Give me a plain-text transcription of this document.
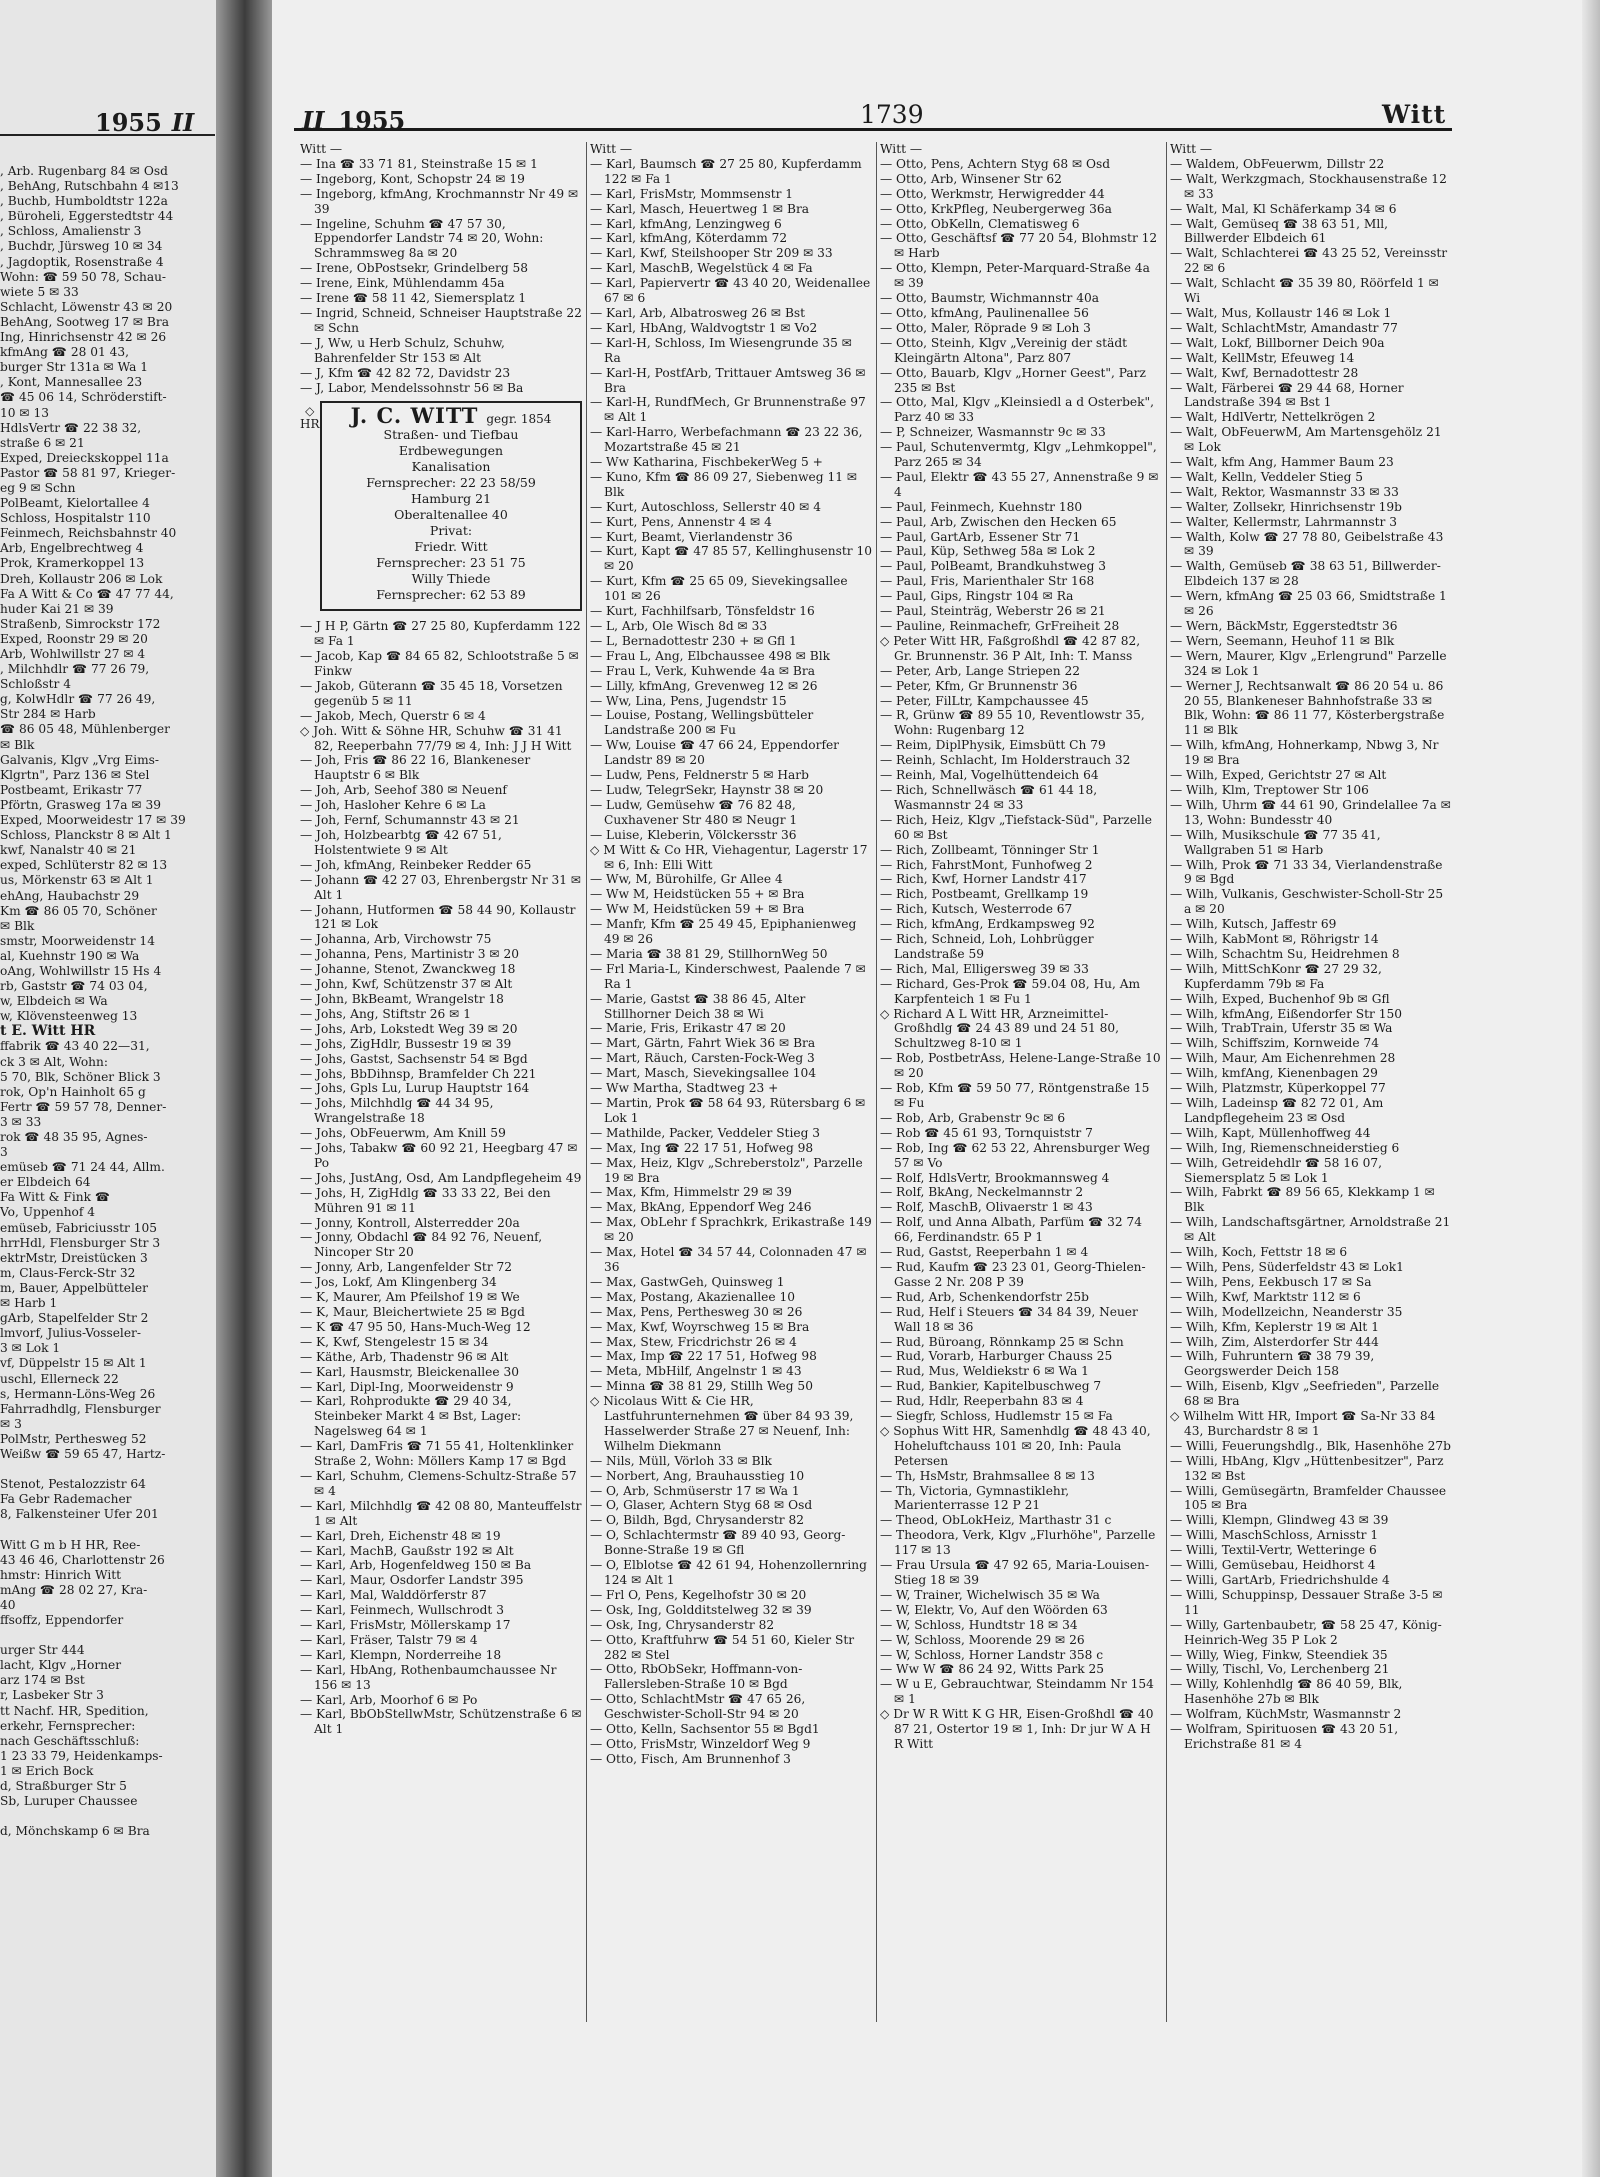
1955 II
, Arb. Rugenbarg 84 ✉ Osd
, BehAng, Rutschbahn 4 ✉13
, Buchb, Humboldtstr 122a
, Büroheli, Eggerstedtstr 44
, Schloss, Amalienstr 3
, Buchdr, Jürsweg 10 ✉ 34
, Jagdoptik, Rosenstraße 4
Wohn: ☎ 59 50 78, Schau-
wiete 5 ✉ 33
Schlacht, Löwenstr 43 ✉ 20
BehAng, Sootweg 17 ✉ Bra
Ing, Hinrichsenstr 42 ✉ 26
kfmAng ☎ 28 01 43,
burger Str 131a ✉ Wa 1
, Kont, Mannesallee 23
☎ 45 06 14, Schröderstift-
10 ✉ 13
HdlsVertr ☎ 22 38 32,
straße 6 ✉ 21
Exped, Dreieckskoppel 11a
Pastor ☎ 58 81 97, Krieger-
eg 9 ✉ Schn
PolBeamt, Kielortallee 4
Schloss, Hospitalstr 110
Feinmech, Reichsbahnstr 40
Arb, Engelbrechtweg 4
Prok, Kramerkoppel 13
Dreh, Kollaustr 206 ✉ Lok
Fa A Witt & Co ☎ 47 77 44,
huder Kai 21 ✉ 39
Straßenb, Simrockstr 172
Exped, Roonstr 29 ✉ 20
Arb, Wohlwillstr 27 ✉ 4
, Milchhdlr ☎ 77 26 79,
Schloßstr 4
g, KolwHdlr ☎ 77 26 49,
Str 284 ✉ Harb
☎ 86 05 48, Mühlenberger
✉ Blk
Galvanis, Klgv „Vrg Eims-
Klgrtn", Parz 136 ✉ Stel
Postbeamt, Erikastr 77
Pförtn, Grasweg 17a ✉ 39
Exped, Moorweidestr 17 ✉ 39
Schloss, Planckstr 8 ✉ Alt 1
kwf, Nanalstr 40 ✉ 21
exped, Schlüterstr 82 ✉ 13
us, Mörkenstr 63 ✉ Alt 1
ehAng, Haubachstr 29
Km ☎ 86 05 70, Schöner
✉ Blk
smstr, Moorweidenstr 14
al, Kuehnstr 190 ✉ Wa
oAng, Wohlwillstr 15 Hs 4
rb, Gaststr ☎ 74 03 04,
w, Elbdeich ✉ Wa
w, Klövensteenweg 13
t E. Witt HR
ffabrik ☎ 43 40 22—31,
ck 3 ✉ Alt, Wohn:
5 70, Blk, Schöner Blick 3
rok, Op'n Hainholt 65 g
Fertr ☎ 59 57 78, Denner-
3 ✉ 33
rok ☎ 48 35 95, Agnes-
3
emüseb ☎ 71 24 44, Allm.
er Elbdeich 64
Fa Witt & Fink ☎
Vo, Uppenhof 4
emüseb, Fabriciusstr 105
hrrHdl, Flensburger Str 3
ektrMstr, Dreistücken 3
m, Claus-Ferck-Str 32
m, Bauer, Appelbütteler
✉ Harb 1
gArb, Stapelfelder Str 2
lmvorf, Julius-Vosseler-
3 ✉ Lok 1
vf, Düppelstr 15 ✉ Alt 1
uschl, Ellerneck 22
s, Hermann-Löns-Weg 26
Fahrradhdlg, Flensburger
✉ 3
PolMstr, Perthesweg 52
Weißw ☎ 59 65 47, Hartz-

Stenot, Pestalozzistr 64
Fa Gebr Rademacher
8, Falkensteiner Ufer 201

Witt G m b H HR, Ree-
43 46 46, Charlottenstr 26
hmstr: Hinrich Witt
mAng ☎ 28 02 27, Kra-
40
ffsoffz, Eppendorfer

urger Str 444
lacht, Klgv „Horner
arz 174 ✉ Bst
r, Lasbeker Str 3
tt Nachf. HR, Spedition,
erkehr, Fernsprecher:
nach Geschäftsschluß:
1 23 33 79, Heidenkamps-
1 ✉ Erich Bock
d, Straßburger Str 5
Sb, Luruper Chaussee

d, Mönchskamp 6 ✉ Bra
II 1955	1739	Witt
Witt —
— Ina ☎ 33 71 81, Steinstraße 15 ✉ 1
— Ingeborg, Kont, Schopstr 24 ✉ 19
— Ingeborg, kfmAng, Krochmannstr Nr 49 ✉ 39
— Ingeline, Schuhm ☎ 47 57 30, Eppendorfer Landstr 74 ✉ 20, Wohn: Schrammsweg 8a ✉ 20
— Irene, ObPostsekr, Grindelberg 58
— Irene, Eink, Mühlendamm 45a
— Irene ☎ 58 11 42, Siemersplatz 1
— Ingrid, Schneid, Schneiser Hauptstraße 22 ✉ Schn
— J, Ww, u Herb Schulz, Schuhw, Bahrenfelder Str 153 ✉ Alt
— J, Kfm ☎ 42 82 72, Davidstr 23
— J, Labor, Mendelssohnstr 56 ✉ Ba
◇
HR	J. C. WITT gegr. 1854
Straßen- und Tiefbau
Erdbewegungen
Kanalisation
Fernsprecher: 22 23 58/59
Hamburg 21
Oberaltenallee 40
Privat:
Friedr. Witt
Fernsprecher: 23 51 75
Willy Thiede
Fernsprecher: 62 53 89
— J H P, Gärtn ☎ 27 25 80, Kupferdamm 122 ✉ Fa 1
— Jacob, Kap ☎ 84 65 82, Schlootstraße 5 ✉ Finkw
— Jakob, Güterann ☎ 35 45 18, Vorsetzen gegenüb 5 ✉ 11
— Jakob, Mech, Querstr 6 ✉ 4
◇ Joh. Witt & Söhne HR, Schuhw ☎ 31 41 82, Reeperbahn 77/79 ✉ 4, Inh: J J H Witt
— Joh, Fris ☎ 86 22 16, Blankeneser Hauptstr 6 ✉ Blk
— Joh, Arb, Seehof 380 ✉ Neuenf
— Joh, Hasloher Kehre 6 ✉ La
— Joh, Fernf, Schumannstr 43 ✉ 21
— Joh, Holzbearbtg ☎ 42 67 51, Holstentwiete 9 ✉ Alt
— Joh, kfmAng, Reinbeker Redder 65
— Johann ☎ 42 27 03, Ehrenbergstr Nr 31 ✉ Alt 1
— Johann, Hutformen ☎ 58 44 90, Kollaustr 121 ✉ Lok
— Johanna, Arb, Virchowstr 75
— Johanna, Pens, Martinistr 3 ✉ 20
— Johanne, Stenot, Zwanckweg 18
— John, Kwf, Schützenstr 37 ✉ Alt
— John, BkBeamt, Wrangelstr 18
— Johs, Ang, Stiftstr 26 ✉ 1
— Johs, Arb, Lokstedt Weg 39 ✉ 20
— Johs, ZigHdlr, Bussestr 19 ✉ 39
— Johs, Gastst, Sachsenstr 54 ✉ Bgd
— Johs, BbDihnsp, Bramfelder Ch 221
— Johs, Gpls Lu, Lurup Hauptstr 164
— Johs, Milchhdlg ☎ 44 34 95, Wrangelstraße 18
— Johs, ObFeuerwm, Am Knill 59
— Johs, Tabakw ☎ 60 92 21, Heegbarg 47 ✉ Po
— Johs, JustAng, Osd, Am Landpflegeheim 49
— Johs, H, ZigHdlg ☎ 33 33 22, Bei den Mühren 91 ✉ 11
— Jonny, Kontroll, Alsterredder 20a
— Jonny, Obdachl ☎ 84 92 76, Neuenf, Nincoper Str 20
— Jonny, Arb, Langenfelder Str 72
— Jos, Lokf, Am Klingenberg 34
— K, Maurer, Am Pfeilshof 19 ✉ We
— K, Maur, Bleichertwiete 25 ✉ Bgd
— K ☎ 47 95 50, Hans-Much-Weg 12
— K, Kwf, Stengelestr 15 ✉ 34
— Käthe, Arb, Thadenstr 96 ✉ Alt
— Karl, Hausmstr, Bleickenallee 30
— Karl, Dipl-Ing, Moorweidenstr 9
— Karl, Rohprodukte ☎ 29 40 34, Steinbeker Markt 4 ✉ Bst, Lager: Nagelsweg 64 ✉ 1
— Karl, DamFris ☎ 71 55 41, Holtenklinker Straße 2, Wohn: Möllers Kamp 17 ✉ Bgd
— Karl, Schuhm, Clemens-Schultz-Straße 57 ✉ 4
— Karl, Milchhdlg ☎ 42 08 80, Manteuffelstr 1 ✉ Alt
— Karl, Dreh, Eichenstr 48 ✉ 19
— Karl, MachB, Gaußstr 192 ✉ Alt
— Karl, Arb, Hogenfeldweg 150 ✉ Ba
— Karl, Maur, Osdorfer Landstr 395
— Karl, Mal, Walddörferstr 87
— Karl, Feinmech, Wullschrodt 3
— Karl, FrisMstr, Möllerskamp 17
— Karl, Fräser, Talstr 79 ✉ 4
— Karl, Klempn, Norderreihe 18
— Karl, HbAng, Rothenbaumchaussee Nr 156 ✉ 13
— Karl, Arb, Moorhof 6 ✉ Po
— Karl, BbObStellwMstr, Schützenstraße 6 ✉ Alt 1
Witt —
— Karl, Baumsch ☎ 27 25 80, Kupferdamm 122 ✉ Fa 1
— Karl, FrisMstr, Mommsenstr 1
— Karl, Masch, Heuertweg 1 ✉ Bra
— Karl, kfmAng, Lenzingweg 6
— Karl, kfmAng, Köterdamm 72
— Karl, Kwf, Steilshooper Str 209 ✉ 33
— Karl, MaschB, Wegelstück 4 ✉ Fa
— Karl, Papiervertr ☎ 43 40 20, Weidenallee 67 ✉ 6
— Karl, Arb, Albatrosweg 26 ✉ Bst
— Karl, HbAng, Waldvogtstr 1 ✉ Vo2
— Karl-H, Schloss, Im Wiesengrunde 35 ✉ Ra
— Karl-H, PostfArb, Trittauer Amtsweg 36 ✉ Bra
— Karl-H, RundfMech, Gr Brunnenstraße 97 ✉ Alt 1
— Karl-Harro, Werbefachmann ☎ 23 22 36, Mozartstraße 45 ✉ 21
— Ww Katharina, FischbekerWeg 5 +
— Kuno, Kfm ☎ 86 09 27, Siebenweg 11 ✉ Blk
— Kurt, Autoschloss, Sellerstr 40 ✉ 4
— Kurt, Pens, Annenstr 4 ✉ 4
— Kurt, Beamt, Vierlandenstr 36
— Kurt, Kapt ☎ 47 85 57, Kellinghusenstr 10 ✉ 20
— Kurt, Kfm ☎ 25 65 09, Sievekingsallee 101 ✉ 26
— Kurt, Fachhilfsarb, Tönsfeldstr 16
— L, Arb, Ole Wisch 8d ✉ 33
— L, Bernadottestr 230 + ✉ Gfl 1
— Frau L, Ang, Elbchaussee 498 ✉ Blk
— Frau L, Verk, Kuhwende 4a ✉ Bra
— Lilly, kfmAng, Grevenweg 12 ✉ 26
— Ww, Lina, Pens, Jugendstr 15
— Louise, Postang, Wellingsbütteler Landstraße 200 ✉ Fu
— Ww, Louise ☎ 47 66 24, Eppendorfer Landstr 89 ✉ 20
— Ludw, Pens, Feldnerstr 5 ✉ Harb
— Ludw, TelegrSekr, Haynstr 38 ✉ 20
— Ludw, Gemüsehw ☎ 76 82 48, Cuxhavener Str 480 ✉ Neugr 1
— Luise, Kleberin, Völckersstr 36
◇ M Witt & Co HR, Viehagentur, Lagerstr 17 ✉ 6, Inh: Elli Witt
— Ww, M, Bürohilfe, Gr Allee 4
— Ww M, Heidstücken 55 + ✉ Bra
— Ww M, Heidstücken 59 + ✉ Bra
— Manfr, Kfm ☎ 25 49 45, Epiphanienweg 49 ✉ 26
— Maria ☎ 38 81 29, StillhornWeg 50
— Frl Maria-L, Kinderschwest, Paalende 7 ✉ Ra 1
— Marie, Gastst ☎ 38 86 45, Alter Stillhorner Deich 38 ✉ Wi
— Marie, Fris, Erikastr 47 ✉ 20
— Mart, Gärtn, Fahrt Wiek 36 ✉ Bra
— Mart, Räuch, Carsten-Fock-Weg 3
— Mart, Masch, Sievekingsallee 104
— Ww Martha, Stadtweg 23 +
— Martin, Prok ☎ 58 64 93, Rütersbarg 6 ✉ Lok 1
— Mathilde, Packer, Veddeler Stieg 3
— Max, Ing ☎ 22 17 51, Hofweg 98
— Max, Heiz, Klgv „Schreberstolz", Parzelle 19 ✉ Bra
— Max, Kfm, Himmelstr 29 ✉ 39
— Max, BkAng, Eppendorf Weg 246
— Max, ObLehr f Sprachkrk, Erikastraße 149 ✉ 20
— Max, Hotel ☎ 34 57 44, Colonnaden 47 ✉ 36
— Max, GastwGeh, Quinsweg 1
— Max, Postang, Akazienallee 10
— Max, Pens, Perthesweg 30 ✉ 26
— Max, Kwf, Woyrschweg 15 ✉ Bra
— Max, Stew, Fricdrichstr 26 ✉ 4
— Max, Imp ☎ 22 17 51, Hofweg 98
— Meta, MbHilf, Angelnstr 1 ✉ 43
— Minna ☎ 38 81 29, Stillh Weg 50
◇ Nicolaus Witt & Cie HR, Lastfuhrunternehmen ☎ über 84 93 39, Hasselwerder Straße 27 ✉ Neuenf, Inh: Wilhelm Diekmann
— Nils, Müll, Vörloh 33 ✉ Blk
— Norbert, Ang, Brauhausstieg 10
— O, Arb, Schmüserstr 17 ✉ Wa 1
— O, Glaser, Achtern Styg 68 ✉ Osd
— O, Bildh, Bgd, Chrysanderstr 82
— O, Schlachtermstr ☎ 89 40 93, Georg-Bonne-Straße 19 ✉ Gfl
— O, Elblotse ☎ 42 61 94, Hohenzollernring 124 ✉ Alt 1
— Frl O, Pens, Kegelhofstr 30 ✉ 20
— Osk, Ing, Goldditstelweg 32 ✉ 39
— Osk, Ing, Chrysanderstr 82
— Otto, Kraftfuhrw ☎ 54 51 60, Kieler Str 282 ✉ Stel
— Otto, RbObSekr, Hoffmann-von-Fallersleben-Straße 10 ✉ Bgd
— Otto, SchlachtMstr ☎ 47 65 26, Geschwister-Scholl-Str 94 ✉ 20
— Otto, Kelln, Sachsentor 55 ✉ Bgd1
— Otto, FrisMstr, Winzeldorf Weg 9
— Otto, Fisch, Am Brunnenhof 3
Witt —
— Otto, Pens, Achtern Styg 68 ✉ Osd
— Otto, Arb, Winsener Str 62
— Otto, Werkmstr, Herwigredder 44
— Otto, KrkPfleg, Neubergerweg 36a
— Otto, ObKelln, Clematisweg 6
— Otto, Geschäftsf ☎ 77 20 54, Blohmstr 12 ✉ Harb
— Otto, Klempn, Peter-Marquard-Straße 4a ✉ 39
— Otto, Baumstr, Wichmannstr 40a
— Otto, kfmAng, Paulinenallee 56
— Otto, Maler, Röprade 9 ✉ Loh 3
— Otto, Steinh, Klgv „Vereinig der städt Kleingärtn Altona", Parz 807
— Otto, Bauarb, Klgv „Horner Geest", Parz 235 ✉ Bst
— Otto, Mal, Klgv „Kleinsiedl a d Osterbek", Parz 40 ✉ 33
— P, Schneizer, Wasmannstr 9c ✉ 33
— Paul, Schutenvermtg, Klgv „Lehmkoppel", Parz 265 ✉ 34
— Paul, Elektr ☎ 43 55 27, Annenstraße 9 ✉ 4
— Paul, Feinmech, Kuehnstr 180
— Paul, Arb, Zwischen den Hecken 65
— Paul, GartArb, Essener Str 71
— Paul, Küp, Sethweg 58a ✉ Lok 2
— Paul, PolBeamt, Brandkuhstweg 3
— Paul, Fris, Marienthaler Str 168
— Paul, Gips, Ringstr 104 ✉ Ra
— Paul, Steinträg, Weberstr 26 ✉ 21
— Pauline, Reinmachefr, GrFreiheit 28
◇ Peter Witt HR, Faßgroßhdl ☎ 42 87 82, Gr. Brunnenstr. 36 P Alt, Inh: T. Manss
— Peter, Arb, Lange Striepen 22
— Peter, Kfm, Gr Brunnenstr 36
— Peter, FilLtr, Kampchaussee 45
— R, Grünw ☎ 89 55 10, Reventlowstr 35, Wohn: Rugenbarg 12
— Reim, DiplPhysik, Eimsbütt Ch 79
— Reinh, Schlacht, Im Holderstrauch 32
— Reinh, Mal, Vogelhüttendeich 64
— Rich, Schnellwäsch ☎ 61 44 18, Wasmannstr 24 ✉ 33
— Rich, Heiz, Klgv „Tiefstack-Süd", Parzelle 60 ✉ Bst
— Rich, Zollbeamt, Tönninger Str 1
— Rich, FahrstMont, Funhofweg 2
— Rich, Kwf, Horner Landstr 417
— Rich, Postbeamt, Grellkamp 19
— Rich, Kutsch, Westerrode 67
— Rich, kfmAng, Erdkampsweg 92
— Rich, Schneid, Loh, Lohbrügger Landstraße 59
— Rich, Mal, Elligersweg 39 ✉ 33
— Richard, Ges-Prok ☎ 59.04 08, Hu, Am Karpfenteich 1 ✉ Fu 1
◇ Richard A L Witt HR, Arzneimittel-Großhdlg ☎ 24 43 89 und 24 51 80, Schultzweg 8-10 ✉ 1
— Rob, PostbetrAss, Helene-Lange-Straße 10 ✉ 20
— Rob, Kfm ☎ 59 50 77, Röntgenstraße 15 ✉ Fu
— Rob, Arb, Grabenstr 9c ✉ 6
— Rob ☎ 45 61 93, Tornquiststr 7
— Rob, Ing ☎ 62 53 22, Ahrensburger Weg 57 ✉ Vo
— Rolf, HdlsVertr, Brookmannsweg 4
— Rolf, BkAng, Neckelmannstr 2
— Rolf, MaschB, Olivaerstr 1 ✉ 43
— Rolf, und Anna Albath, Parfüm ☎ 32 74 66, Ferdinandstr. 65 P 1
— Rud, Gastst, Reeperbahn 1 ✉ 4
— Rud, Kaufm ☎ 23 23 01, Georg-Thielen-Gasse 2 Nr. 208 P 39
— Rud, Arb, Schenkendorfstr 25b
— Rud, Helf i Steuers ☎ 34 84 39, Neuer Wall 18 ✉ 36
— Rud, Büroang, Rönnkamp 25 ✉ Schn
— Rud, Vorarb, Harburger Chauss 25
— Rud, Mus, Weldiekstr 6 ✉ Wa 1
— Rud, Bankier, Kapitelbuschweg 7
— Rud, Hdlr, Reeperbahn 83 ✉ 4
— Siegfr, Schloss, Hudlemstr 15 ✉ Fa
◇ Sophus Witt HR, Samenhdlg ☎ 48 43 40, Hoheluftchauss 101 ✉ 20, Inh: Paula Petersen
— Th, HsMstr, Brahmsallee 8 ✉ 13
— Th, Victoria, Gymnastiklehr, Marienterrasse 12 P 21
— Theod, ObLokHeiz, Marthastr 31 c
— Theodora, Verk, Klgv „Flurhöhe", Parzelle 117 ✉ 13
— Frau Ursula ☎ 47 92 65, Maria-Louisen-Stieg 18 ✉ 39
— W, Trainer, Wichelwisch 35 ✉ Wa
— W, Elektr, Vo, Auf den Wöörden 63
— W, Schloss, Hundtstr 18 ✉ 34
— W, Schloss, Moorende 29 ✉ 26
— W, Schloss, Horner Landstr 358 c
— Ww W ☎ 86 24 92, Witts Park 25
— W u E, Gebrauchtwar, Steindamm Nr 154 ✉ 1
◇ Dr W R Witt K G HR, Eisen-Großhdl ☎ 40 87 21, Ostertor 19 ✉ 1, Inh: Dr jur W A H R Witt
Witt —
— Waldem, ObFeuerwm, Dillstr 22
— Walt, Werkzgmach, Stockhausenstraße 12 ✉ 33
— Walt, Mal, Kl Schäferkamp 34 ✉ 6
— Walt, Gemüseq ☎ 38 63 51, Mll, Billwerder Elbdeich 61
— Walt, Schlachterei ☎ 43 25 52, Vereinsstr 22 ✉ 6
— Walt, Schlacht ☎ 35 39 80, Röörfeld 1 ✉ Wi
— Walt, Mus, Kollaustr 146 ✉ Lok 1
— Walt, SchlachtMstr, Amandastr 77
— Walt, Lokf, Billborner Deich 90a
— Walt, KellMstr, Efeuweg 14
— Walt, Kwf, Bernadottestr 28
— Walt, Färberei ☎ 29 44 68, Horner Landstraße 394 ✉ Bst 1
— Walt, HdlVertr, Nettelkrögen 2
— Walt, ObFeuerwM, Am Martensgehölz 21 ✉ Lok
— Walt, kfm Ang, Hammer Baum 23
— Walt, Kelln, Veddeler Stieg 5
— Walt, Rektor, Wasmannstr 33 ✉ 33
— Walter, Zollsekr, Hinrichsenstr 19b
— Walter, Kellermstr, Lahrmannstr 3
— Walth, Kolw ☎ 27 78 80, Geibelstraße 43 ✉ 39
— Walth, Gemüseb ☎ 38 63 51, Billwerder-Elbdeich 137 ✉ 28
— Wern, kfmAng ☎ 25 03 66, Smidtstraße 1 ✉ 26
— Wern, BäckMstr, Eggerstedtstr 36
— Wern, Seemann, Heuhof 11 ✉ Blk
— Wern, Maurer, Klgv „Erlengrund" Parzelle 324 ✉ Lok 1
— Werner J, Rechtsanwalt ☎ 86 20 54 u. 86 20 55, Blankeneser Bahnhofstraße 33 ✉ Blk, Wohn: ☎ 86 11 77, Kösterbergstraße 11 ✉ Blk
— Wilh, kfmAng, Hohnerkamp, Nbwg 3, Nr 19 ✉ Bra
— Wilh, Exped, Gerichtstr 27 ✉ Alt
— Wilh, Klm, Treptower Str 106
— Wilh, Uhrm ☎ 44 61 90, Grindelallee 7a ✉ 13, Wohn: Bundesstr 40
— Wilh, Musikschule ☎ 77 35 41, Wallgraben 51 ✉ Harb
— Wilh, Prok ☎ 71 33 34, Vierlandenstraße 9 ✉ Bgd
— Wilh, Vulkanis, Geschwister-Scholl-Str 25 a ✉ 20
— Wilh, Kutsch, Jaffestr 69
— Wilh, KabMont ✉, Röhrigstr 14
— Wilh, Schachtm Su, Heidrehmen 8
— Wilh, MittSchKonr ☎ 27 29 32, Kupferdamm 79b ✉ Fa
— Wilh, Exped, Buchenhof 9b ✉ Gfl
— Wilh, kfmAng, Eißendorfer Str 150
— Wilh, TrabTrain, Uferstr 35 ✉ Wa
— Wilh, Schiffszim, Kornweide 74
— Wilh, Maur, Am Eichenrehmen 28
— Wilh, kmfAng, Kienenbagen 29
— Wilh, Platzmstr, Küperkoppel 77
— Wilh, Ladeinsp ☎ 82 72 01, Am Landpflegeheim 23 ✉ Osd
— Wilh, Kapt, Müllenhoffweg 44
— Wilh, Ing, Riemenschneiderstieg 6
— Wilh, Getreidehdlr ☎ 58 16 07, Siemersplatz 5 ✉ Lok 1
— Wilh, Fabrkt ☎ 89 56 65, Klekkamp 1 ✉ Blk
— Wilh, Landschaftsgärtner, Arnoldstraße 21 ✉ Alt
— Wilh, Koch, Fettstr 18 ✉ 6
— Wilh, Pens, Süderfeldstr 43 ✉ Lok1
— Wilh, Pens, Eekbusch 17 ✉ Sa
— Wilh, Kwf, Marktstr 112 ✉ 6
— Wilh, Modellzeichn, Neanderstr 35
— Wilh, Kfm, Keplerstr 19 ✉ Alt 1
— Wilh, Zim, Alsterdorfer Str 444
— Wilh, Fuhruntern ☎ 38 79 39, Georgswerder Deich 158
— Wilh, Eisenb, Klgv „Seefrieden", Parzelle 68 ✉ Bra
◇ Wilhelm Witt HR, Import ☎ Sa-Nr 33 84 43, Burchardstr 8 ✉ 1
— Willi, Feuerungshdlg., Blk, Hasenhöhe 27b
— Willi, HbAng, Klgv „Hüttenbesitzer", Parz 132 ✉ Bst
— Willi, Gemüsegärtn, Bramfelder Chaussee 105 ✉ Bra
— Willi, Klempn, Glindweg 43 ✉ 39
— Willi, MaschSchloss, Arnisstr 1
— Willi, Textil-Vertr, Wetteringe 6
— Willi, Gemüsebau, Heidhorst 4
— Willi, GartArb, Friedrichshulde 4
— Willi, Schuppinsp, Dessauer Straße 3-5 ✉ 11
— Willy, Gartenbaubetr, ☎ 58 25 47, König-Heinrich-Weg 35 P Lok 2
— Willy, Wieg, Finkw, Steendiek 35
— Willy, Tischl, Vo, Lerchenberg 21
— Willy, Kohlenhdlg ☎ 86 40 59, Blk, Hasenhöhe 27b ✉ Blk
— Wolfram, KüchMstr, Wasmannstr 2
— Wolfram, Spirituosen ☎ 43 20 51, Erichstraße 81 ✉ 4
